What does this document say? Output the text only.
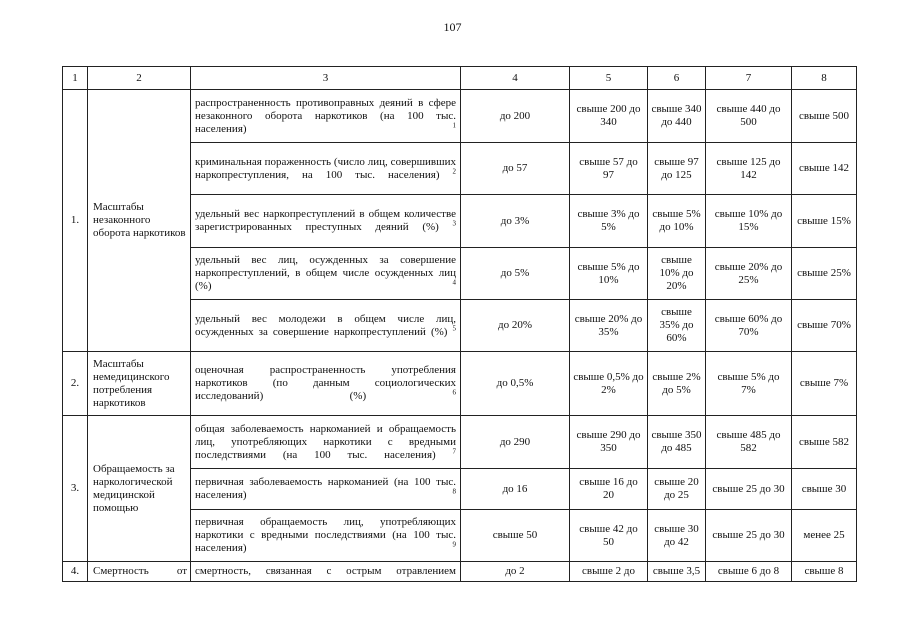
107
1	2	3	4	5	6	7	8
1.	Масштабы незаконного оборота наркотиков	распространенность противоправных деяний в сфере незаконного оборота наркотиков (на 100 тыс. населения) $^1$	до 200	свыше 200 до 340	свыше 340 до 440	свыше 440 до 500	свыше 500
		криминальная пораженность (число лиц, совершивших наркопреступления, на 100 тыс. населения) $^2$	до 57	свыше 57 до 97	свыше 97 до 125	свыше 125 до 142	свыше 142
		удельный вес наркопреступлений в общем количестве зарегистрированных преступных деяний (%) $^3$	до 3%	свыше 3% до 5%	свыше 5% до 10%	свыше 10% до 15%	свыше 15%
		удельный вес лиц, осужденных за совершение наркопреступлений, в общем числе осужденных лиц (%) $^4$	до 5%	свыше 5% до 10%	свыше 10% до 20%	свыше 20% до 25%	свыше 25%
		удельный вес молодежи в общем числе лиц, осужденных за совершение наркопреступлений (%) $^5$	до 20%	свыше 20% до 35%	свыше 35% до 60%	свыше 60% до 70%	свыше 70%
2.	Масштабы немедицинского потребления наркотиков	оценочная распространенность употребления наркотиков (по данным социологических исследований) (%) $^6$	до 0,5%	свыше 0,5% до 2%	свыше 2% до 5%	свыше 5% до 7%	свыше 7%
3.	Обращаемость за наркологической медицинской помощью	общая заболеваемость наркоманией и обращаемость лиц, употребляющих наркотики с вредными последствиями (на 100 тыс. населения) $^7$	до 290	свыше 290 до 350	свыше 350 до 485	свыше 485 до 582	свыше 582
		первичная заболеваемость наркоманией (на 100 тыс. населения) $^8$	до 16	свыше 16 до 20	свыше 20 до 25	свыше 25 до 30	свыше 30
		первичная обращаемость лиц, употребляющих наркотики с вредными последствиями (на 100 тыс. населения) $^9$	свыше 50	свыше 42 до 50	свыше 30 до 42	свыше 25 до 30	менее 25
4.	Смертность от	смертность, связанная с острым отравлением	до 2	свыше 2 до	свыше 3,5	свыше 6 до 8	свыше 8
